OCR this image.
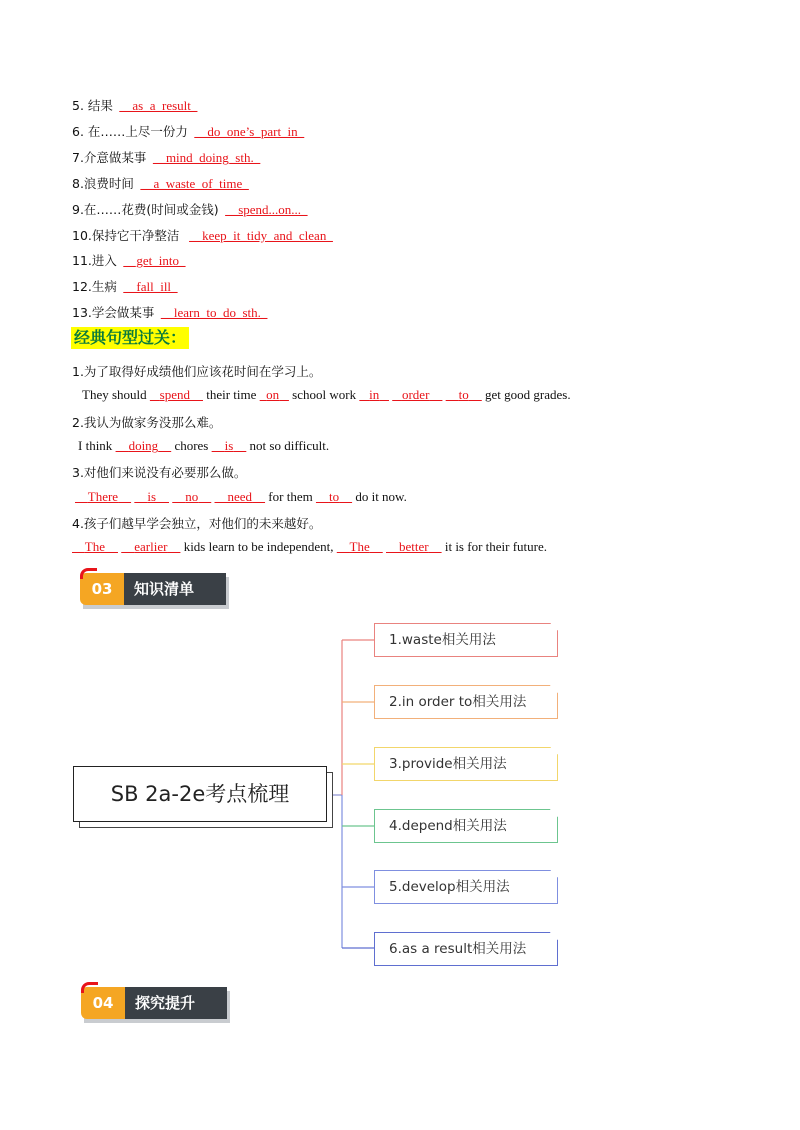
5. 结果 __as_a_result_
6. 在……上尽一份力 __do_one’s_part_in_
7.介意做某事 __mind_doing_sth._
8.浪费时间 __a_waste_of_time_
9.在……花费(时间或金钱) __spend...on..._
10.保持它干净整洁 __keep_it_tidy_and_clean_
11.进入 __get_into_
12.生病 __fall_ill_
13.学会做某事 __learn_to_do_sth._
经典句型过关：
1.为了取得好成绩他们应该花时间在学习上。
They should spend their time on school work in order to get good grades.
2.我认为做家务没那么难。
I think doing chores is not so difficult.
3.对他们来说没有必要那么做。
There is no need for them to do it now.
4.孩子们越早学会独立，对他们的未来越好。
The earlier kids learn to be independent, The better it is for their future.
03	知识清单
SB 2a-2e考点梳理
1.waste相关用法
2.in order to相关用法
3.provide相关用法
4.depend相关用法
5.develop相关用法
6.as a result相关用法
04	探究提升
